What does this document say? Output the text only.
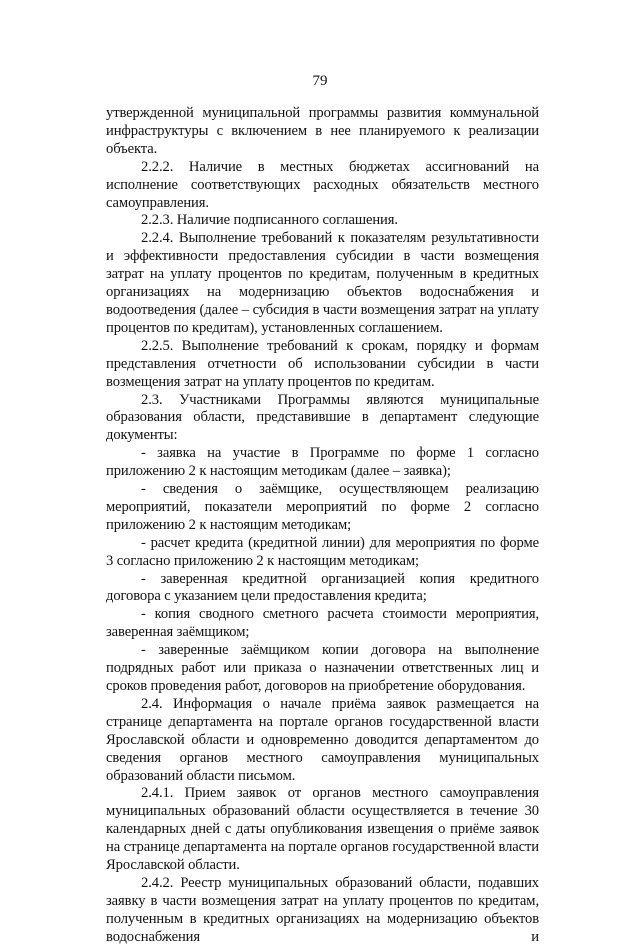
79

утвержденной муниципальной программы развития коммунальной инфраструктуры с включением в нее планируемого к реализации объекта.

2.2.2. Наличие в местных бюджетах ассигнований на исполнение соответствующих расходных обязательств местного самоуправления.

2.2.3. Наличие подписанного соглашения.

2.2.4. Выполнение требований к показателям результативности и эффективности предоставления субсидии в части возмещения затрат на уплату процентов по кредитам, полученным в кредитных организациях на модернизацию объектов водоснабжения и водоотведения (далее – субсидия в части возмещения затрат на уплату процентов по кредитам), установленных соглашением.

2.2.5. Выполнение требований к срокам, порядку и формам представления отчетности об использовании субсидии в части возмещения затрат на уплату процентов по кредитам.

2.3. Участниками Программы являются муниципальные образования области, представившие в департамент следующие документы:

- заявка на участие в Программе по форме 1 согласно приложению 2 к настоящим методикам (далее – заявка);

- сведения о заёмщике, осуществляющем реализацию мероприятий, показатели мероприятий по форме 2 согласно приложению 2 к настоящим методикам;

- расчет кредита (кредитной линии) для мероприятия по форме 3 согласно приложению 2 к настоящим методикам;

- заверенная кредитной организацией копия кредитного договора с указанием цели предоставления кредита;

- копия сводного сметного расчета стоимости мероприятия, заверенная заёмщиком;

- заверенные заёмщиком копии договора на выполнение подрядных работ или приказа о назначении ответственных лиц и сроков проведения работ, договоров на приобретение оборудования.

2.4. Информация о начале приёма заявок размещается на странице департамента на портале органов государственной власти Ярославской области и одновременно доводится департаментом до сведения органов местного самоуправления муниципальных образований области письмом.

2.4.1. Прием заявок от органов местного самоуправления муниципальных образований области осуществляется в течение 30 календарных дней с даты опубликования извещения о приёме заявок на странице департамента на портале органов государственной власти Ярославской области.

2.4.2. Реестр муниципальных образований области, подавших заявку в части возмещения затрат на уплату процентов по кредитам, полученным в кредитных организациях на модернизацию объектов водоснабжения и
